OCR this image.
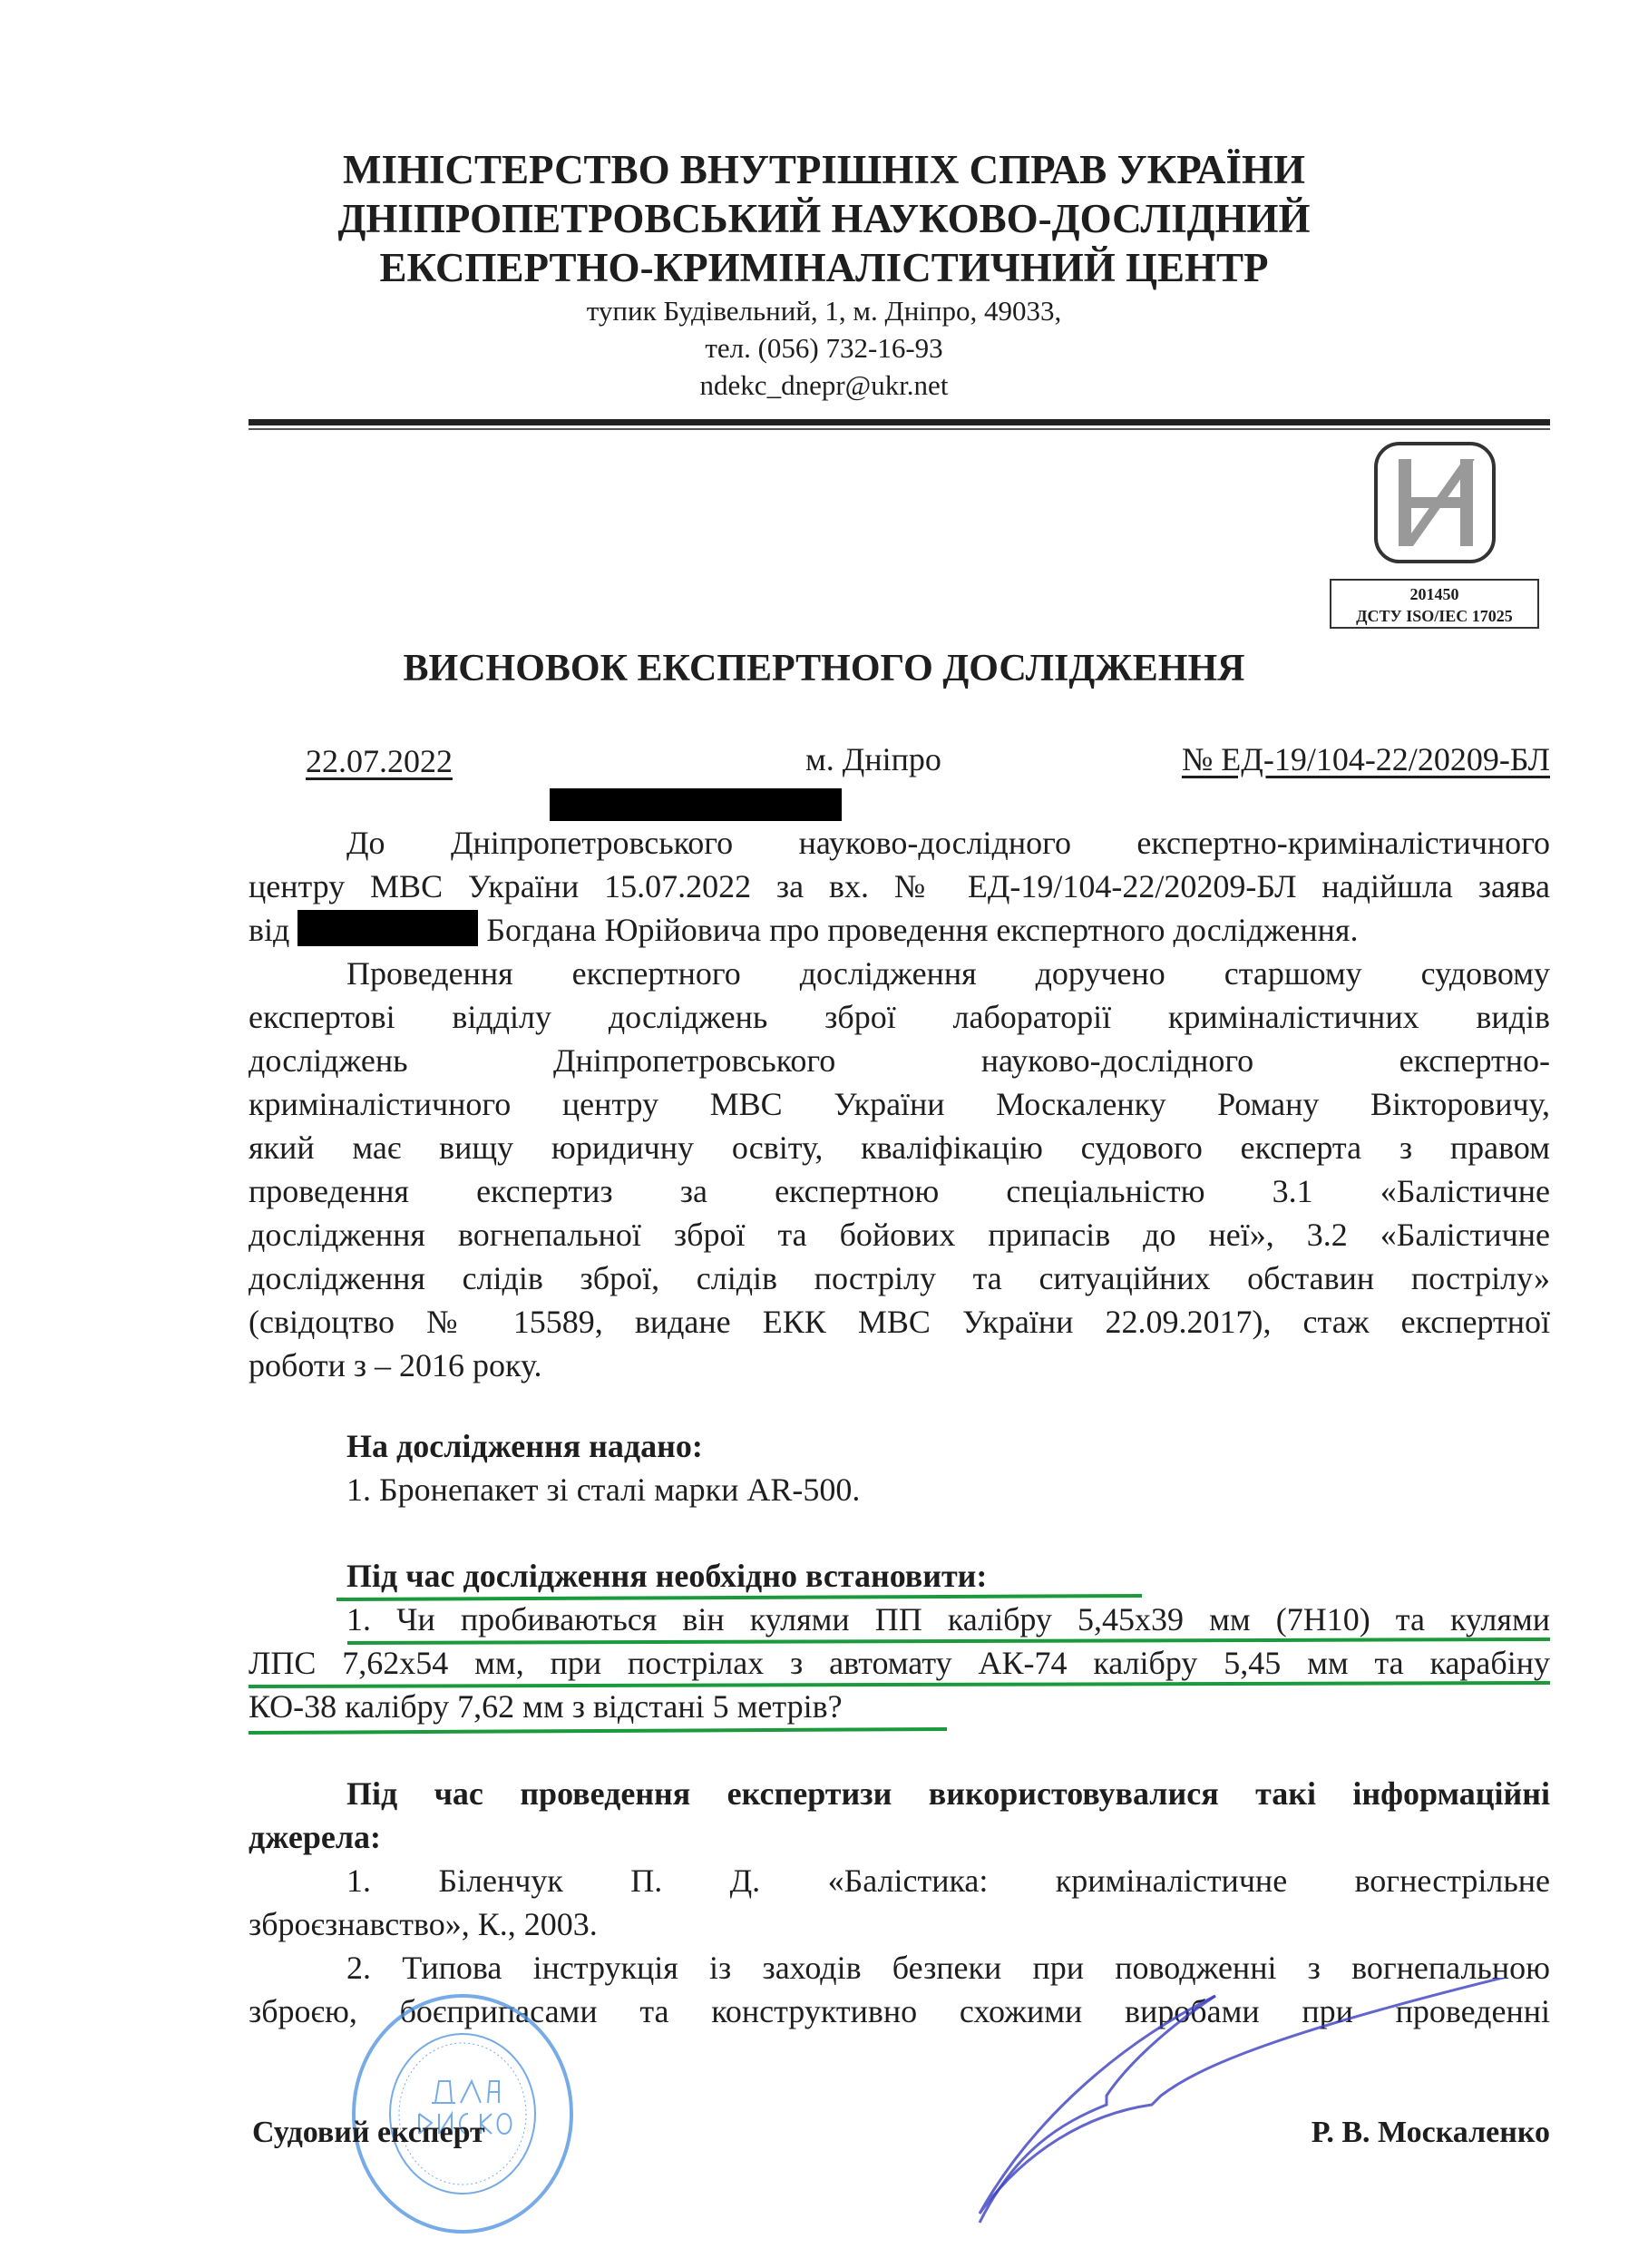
МІНІСТЕРСТВО ВНУТРІШНІХ СПРАВ УКРАЇНИ
ДНІПРОПЕТРОВСЬКИЙ НАУКОВО-ДОСЛІДНИЙ
ЕКСПЕРТНО-КРИМІНАЛІСТИЧНИЙ ЦЕНТР
тупик Будівельний, 1, м. Дніпро, 49033,
тел. (056) 732-16-93
ndekc_dnepr@ukr.net
201450
ДСТУ ISO/IEC 17025
ВИСНОВОК ЕКСПЕРТНОГО ДОСЛІДЖЕННЯ
22.07.2022	м. Дніпро	№ ЕД-19/104-22/20209-БЛ
До Дніпропетровського науково-дослідного експертно-криміналістичного
центру МВС України 15.07.2022 за вх. № ЕД-19/104-22/20209-БЛ надійшла заява
від	Богдана Юрійовича про проведення експертного дослідження.
Проведення експертного дослідження доручено старшому судовому
експертові відділу досліджень зброї лабораторії криміналістичних видів
досліджень Дніпропетровського науково-дослідного експертно-
криміналістичного центру МВС України Москаленку Роману Вікторовичу,
який має вищу юридичну освіту, кваліфікацію судового експерта з правом
проведення експертиз за експертною спеціальністю 3.1 «Балістичне
дослідження вогнепальної зброї та бойових припасів до неї», 3.2 «Балістичне
дослідження слідів зброї, слідів пострілу та ситуаційних обставин пострілу»
(свідоцтво № 15589, видане ЕКК МВС України 22.09.2017), стаж експертної
роботи з – 2016 року.
На дослідження надано:
1. Бронепакет зі сталі марки AR-500.
Під час дослідження необхідно встановити:
1. Чи пробиваються він кулями ПП калібру 5,45х39 мм (7Н10) та кулями
ЛПС 7,62х54 мм, при пострілах з автомату АК-74 калібру 5,45 мм та карабіну
КО-38 калібру 7,62 мм з відстані 5 метрів?
Під час проведення експертизи використовувалися такі інформаційні
джерела:
1. Біленчук П. Д. «Балістика: криміналістичне вогнестрільне
зброєзнавство», К., 2003.
2. Типова інструкція із заходів безпеки при поводженні з вогнепальною
зброєю, боєприпасами та конструктивно схожими виробами при проведенні
Судовий експерт	Р. В. Москаленко
